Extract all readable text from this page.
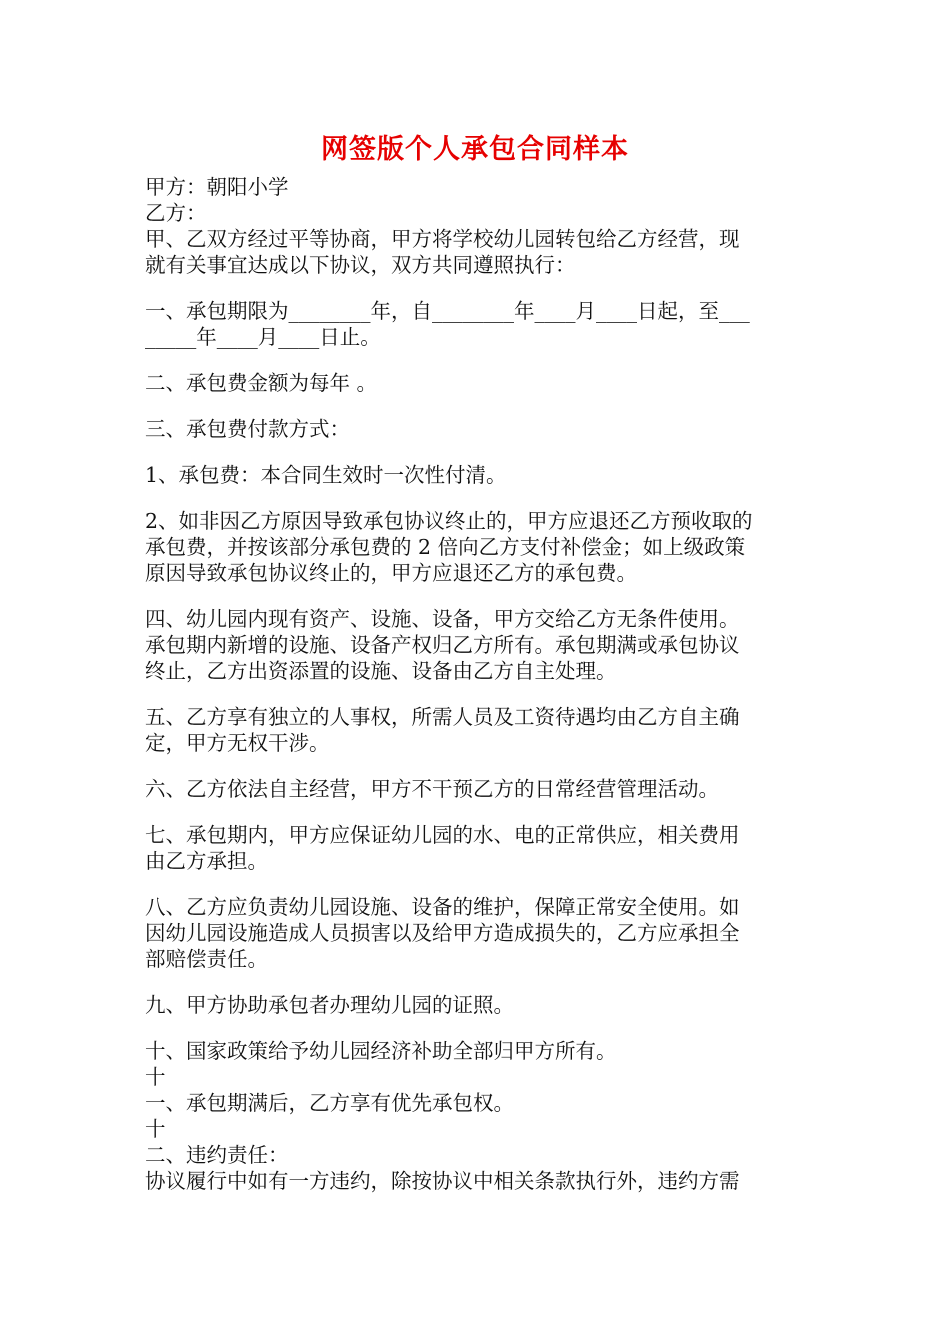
网签版个人承包合同样本
甲方：朝阳小学
乙方：
甲、乙双方经过平等协商，甲方将学校幼儿园转包给乙方经营，现
就有关事宜达成以下协议，双方共同遵照执行：
一、承包期限为________年，自________年____月____日起，至___
_____年____月____日止。
二、承包费金额为每年 。
三、承包费付款方式：
1、承包费：本合同生效时一次性付清。
2、如非因乙方原因导致承包协议终止的，甲方应退还乙方预收取的
承包费，并按该部分承包费的 2 倍向乙方支付补偿金；如上级政策
原因导致承包协议终止的，甲方应退还乙方的承包费。
四、幼儿园内现有资产、设施、设备，甲方交给乙方无条件使用。
承包期内新增的设施、设备产权归乙方所有。承包期满或承包协议
终止，乙方出资添置的设施、设备由乙方自主处理。
五、乙方享有独立的人事权，所需人员及工资待遇均由乙方自主确
定，甲方无权干涉。
六、乙方依法自主经营，甲方不干预乙方的日常经营管理活动。
七、承包期内，甲方应保证幼儿园的水、电的正常供应，相关费用
由乙方承担。
八、乙方应负责幼儿园设施、设备的维护，保障正常安全使用。如
因幼儿园设施造成人员损害以及给甲方造成损失的，乙方应承担全
部赔偿责任。
九、甲方协助承包者办理幼儿园的证照。
十、国家政策给予幼儿园经济补助全部归甲方所有。
十
一、承包期满后，乙方享有优先承包权。
十
二、违约责任：
协议履行中如有一方违约，除按协议中相关条款执行外，违约方需
